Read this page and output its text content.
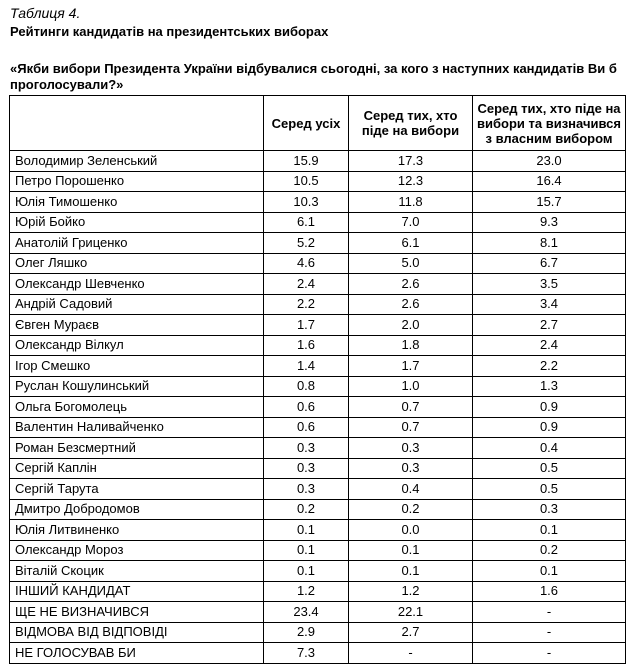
Таблиця 4.
Рейтинги кандидатів на президентських виборах
«Якби вибори Президента України відбувалися сьогодні, за кого з наступних кандидатів Ви б проголосували?»
	Серед усіх	Серед тих, хто піде на вибори	Серед тих, хто піде на вибори та визначився з власним вибором
Володимир Зеленський	15.9	17.3	23.0
Петро Порошенко	10.5	12.3	16.4
Юлія Тимошенко	10.3	11.8	15.7
Юрій Бойко	6.1	7.0	9.3
Анатолій Гриценко	5.2	6.1	8.1
Олег Ляшко	4.6	5.0	6.7
Олександр Шевченко	2.4	2.6	3.5
Андрій Садовий	2.2	2.6	3.4
Євген Мураєв	1.7	2.0	2.7
Олександр Вілкул	1.6	1.8	2.4
Ігор Смешко	1.4	1.7	2.2
Руслан Кошулинський	0.8	1.0	1.3
Ольга Богомолець	0.6	0.7	0.9
Валентин Наливайченко	0.6	0.7	0.9
Роман Безсмертний	0.3	0.3	0.4
Сергій Каплін	0.3	0.3	0.5
Сергій Тарута	0.3	0.4	0.5
Дмитро Добродомов	0.2	0.2	0.3
Юлія Литвиненко	0.1	0.0	0.1
Олександр Мороз	0.1	0.1	0.2
Віталій Скоцик	0.1	0.1	0.1
ІНШИЙ КАНДИДАТ	1.2	1.2	1.6
ЩЕ НЕ ВИЗНАЧИВСЯ	23.4	22.1	-
ВІДМОВА ВІД ВІДПОВІДІ	2.9	2.7	-
НЕ ГОЛОСУВАВ БИ	7.3	-	-
